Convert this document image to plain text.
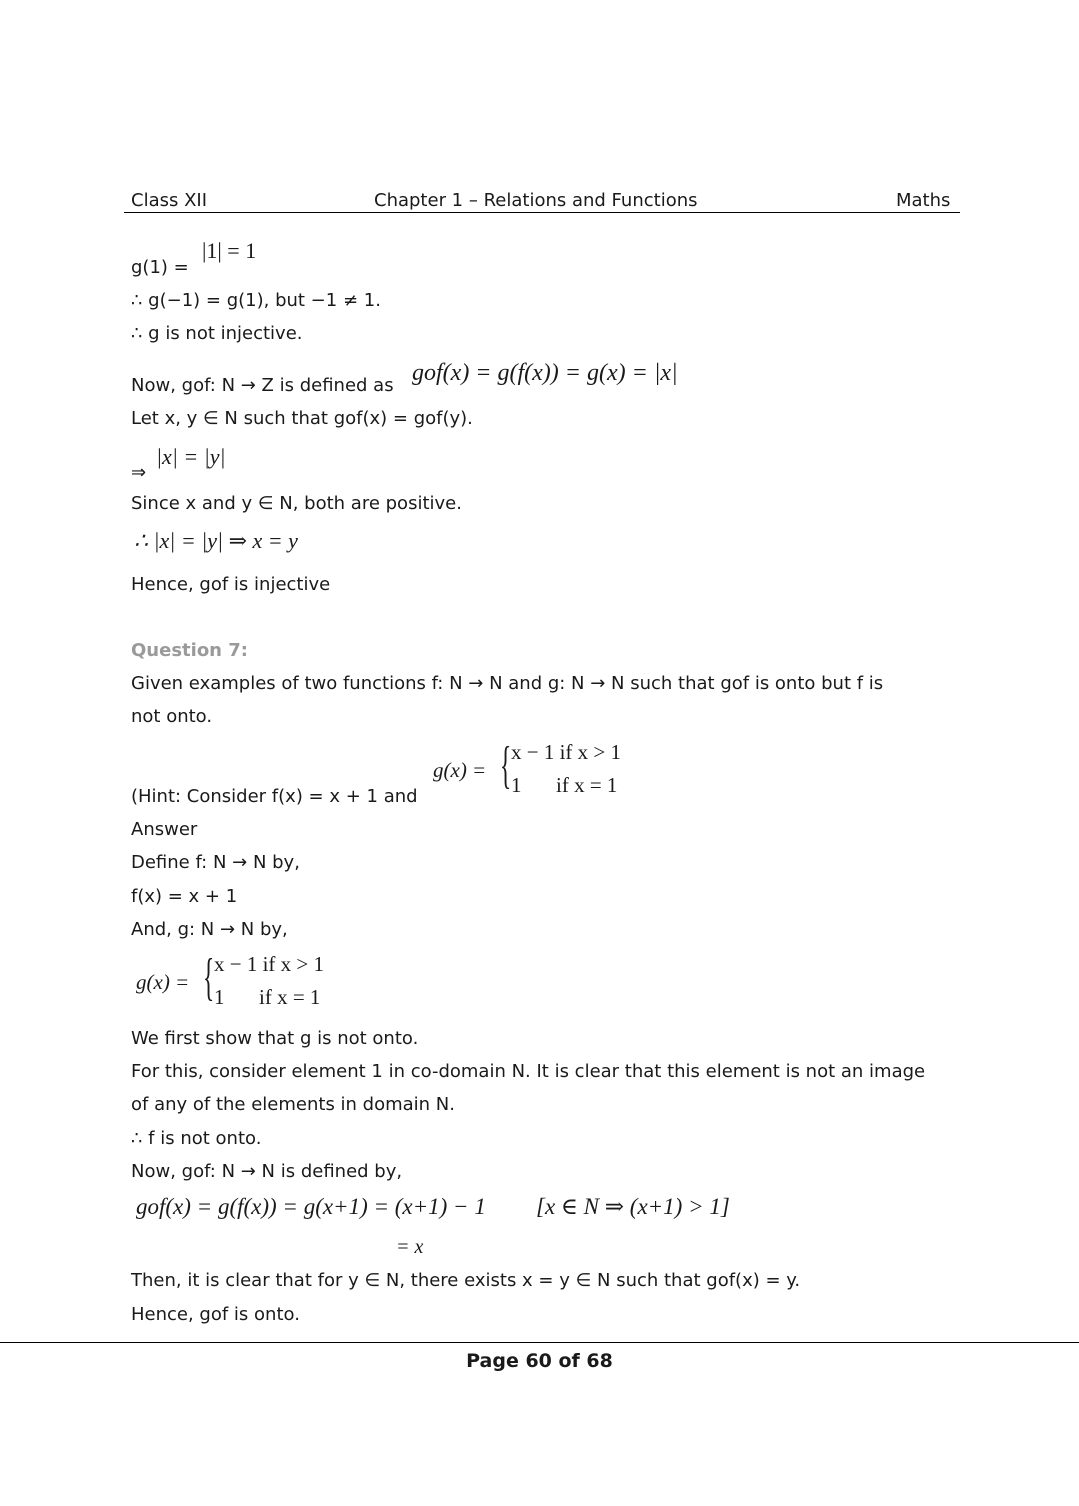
Class XII	Chapter 1 – Relations and Functions	Maths
g(1) =
|1| = 1
∴ g(−1) = g(1), but −1 ≠ 1.
∴ g is not injective.
Now, gof: N → Z is defined as gof(x) = g(f(x)) = g(x) = |x|
Let x, y ∈ N such that gof(x) = gof(y).
⇒
|x| = |y|
Since x and y ∈ N, both are positive.
∴ |x| = |y| ⇒ x = y
Hence, gof is injective
Question 7:
Given examples of two functions f: N → N and g: N → N such that gof is onto but f is
not onto.
(Hint: Consider f(x) = x + 1 and
g(x) = { x − 1 if x > 1
1 if x = 1
Answer
Define f: N → N by,
f(x) = x + 1
And, g: N → N by,
g(x) = { x − 1 if x > 1
1 if x = 1
We first show that g is not onto.
For this, consider element 1 in co-domain N. It is clear that this element is not an image
of any of the elements in domain N.
∴ f is not onto.
Now, gof: N → N is defined by,
gof(x) = g(f(x)) = g(x+1) = (x+1) − 1 [x ∈ N ⇒ (x+1) > 1]
= x
Then, it is clear that for y ∈ N, there exists x = y ∈ N such that gof(x) = y.
Hence, gof is onto.
Page 60 of 68
